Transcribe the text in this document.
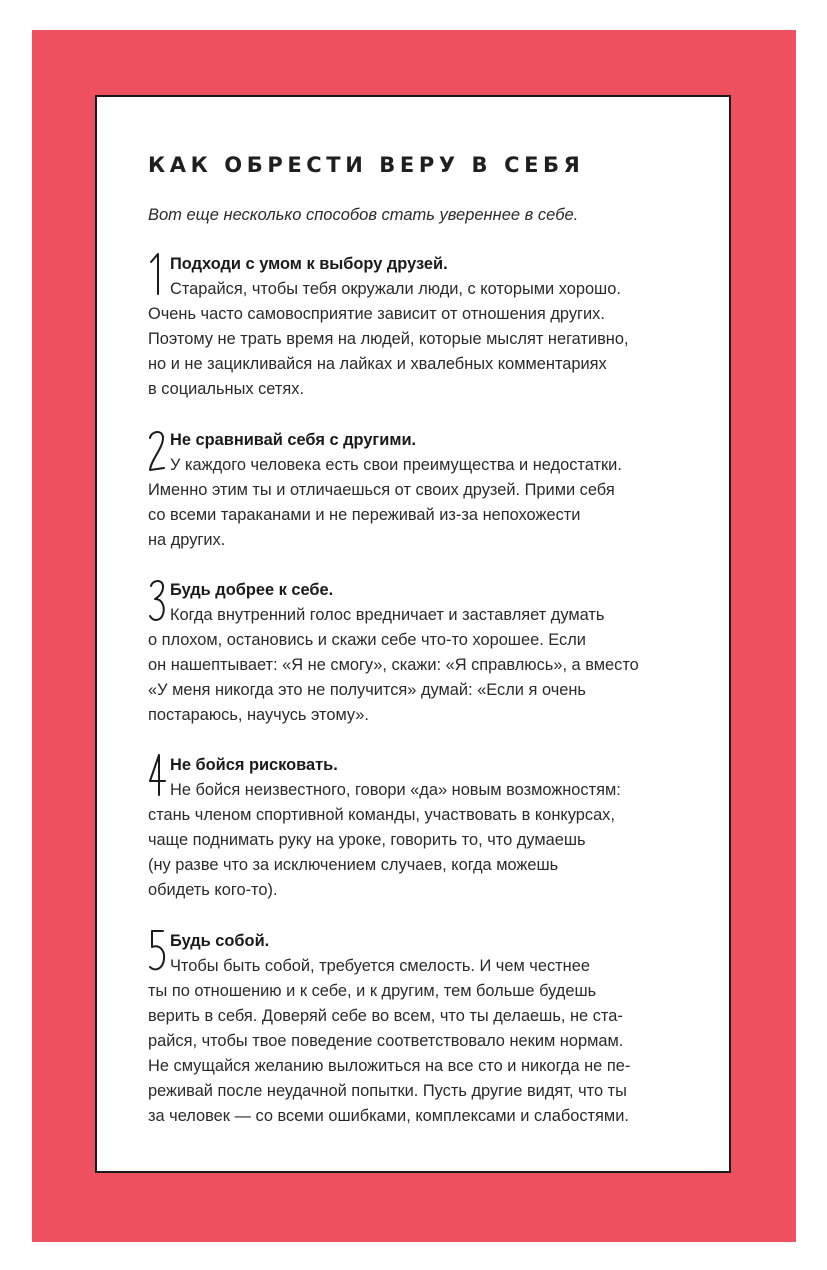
КАК ОБРЕСТИ ВЕРУ В СЕБЯ

Вот еще несколько способов стать увереннее в себе.

Подходи с умом к выбору друзей.
Старайся, чтобы тебя окружали люди, с которыми хорошо.
Очень часто самовосприятие зависит от отношения других.
Поэтому не трать время на людей, которые мыслят негативно,
но и не зацикливайся на лайках и хвалебных комментариях
в социальных сетях.
Не сравнивай себя с другими.
У каждого человека есть свои преимущества и недостатки.
Именно этим ты и отличаешься от своих друзей. Прими себя
со всеми тараканами и не переживай из-за непохожести
на других.
Будь добрее к себе.
Когда внутренний голос вредничает и заставляет думать
о плохом, остановись и скажи себе что-то хорошее. Если
он нашептывает: «Я не смогу», скажи: «Я справлюсь», а вместо
«У меня никогда это не получится» думай: «Если я очень
постараюсь, научусь этому».
Не бойся рисковать.
Не бойся неизвестного, говори «да» новым возможностям:
стань членом спортивной команды, участвовать в конкурсах,
чаще поднимать руку на уроке, говорить то, что думаешь
(ну разве что за исключением случаев, когда можешь
обидеть кого-то).
Будь собой.
Чтобы быть собой, требуется смелость. И чем честнее
ты по отношению и к себе, и к другим, тем больше будешь
верить в себя. Доверяй себе во всем, что ты делаешь, не ста-
райся, чтобы твое поведение соответствовало неким нормам.
Не смущайся желанию выложиться на все сто и никогда не пе-
реживай после неудачной попытки. Пусть другие видят, что ты
за человек — со всеми ошибками, комплексами и слабостями.
